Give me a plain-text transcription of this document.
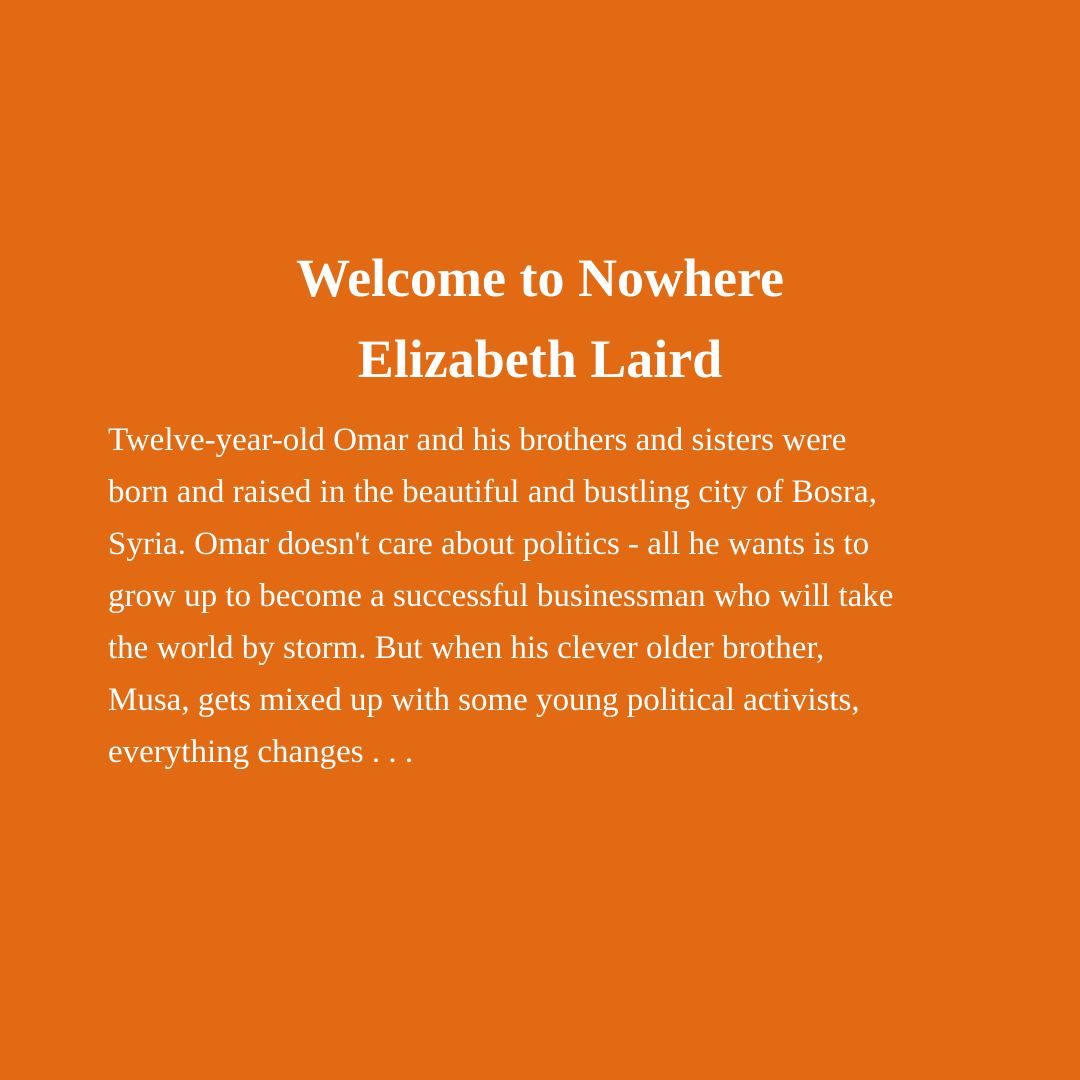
Welcome to Nowhere
Elizabeth Laird

Twelve-year-old Omar and his brothers and sisters were
born and raised in the beautiful and bustling city of Bosra,
Syria. Omar doesn't care about politics - all he wants is to
grow up to become a successful businessman who will take
the world by storm. But when his clever older brother,
Musa, gets mixed up with some young political activists,
everything changes . . .
